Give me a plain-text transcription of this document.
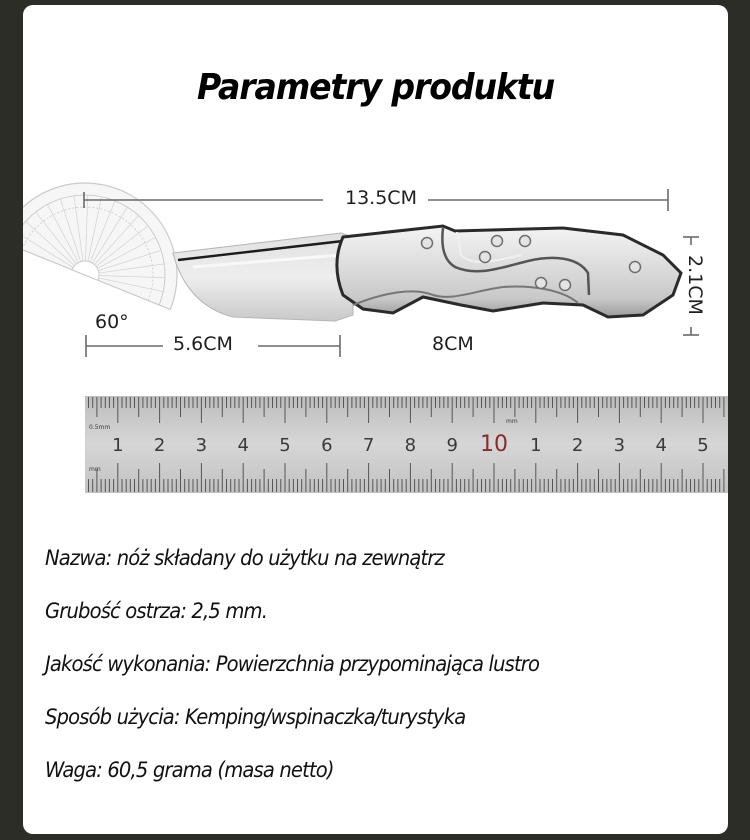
Parametry produktu
1 2 3 4 5 6 7 8 9 10 1 2 3 4 5
0.5mm
mm
mm
13.5CM
5.6CM	8CM
60°
2.1CM
Nazwa: nóż składany do użytku na zewnątrz
Grubość ostrza: 2,5 mm.
Jakość wykonania: Powierzchnia przypominająca lustro
Sposób użycia: Kemping/wspinaczka/turystyka
Waga: 60,5 grama (masa netto)
